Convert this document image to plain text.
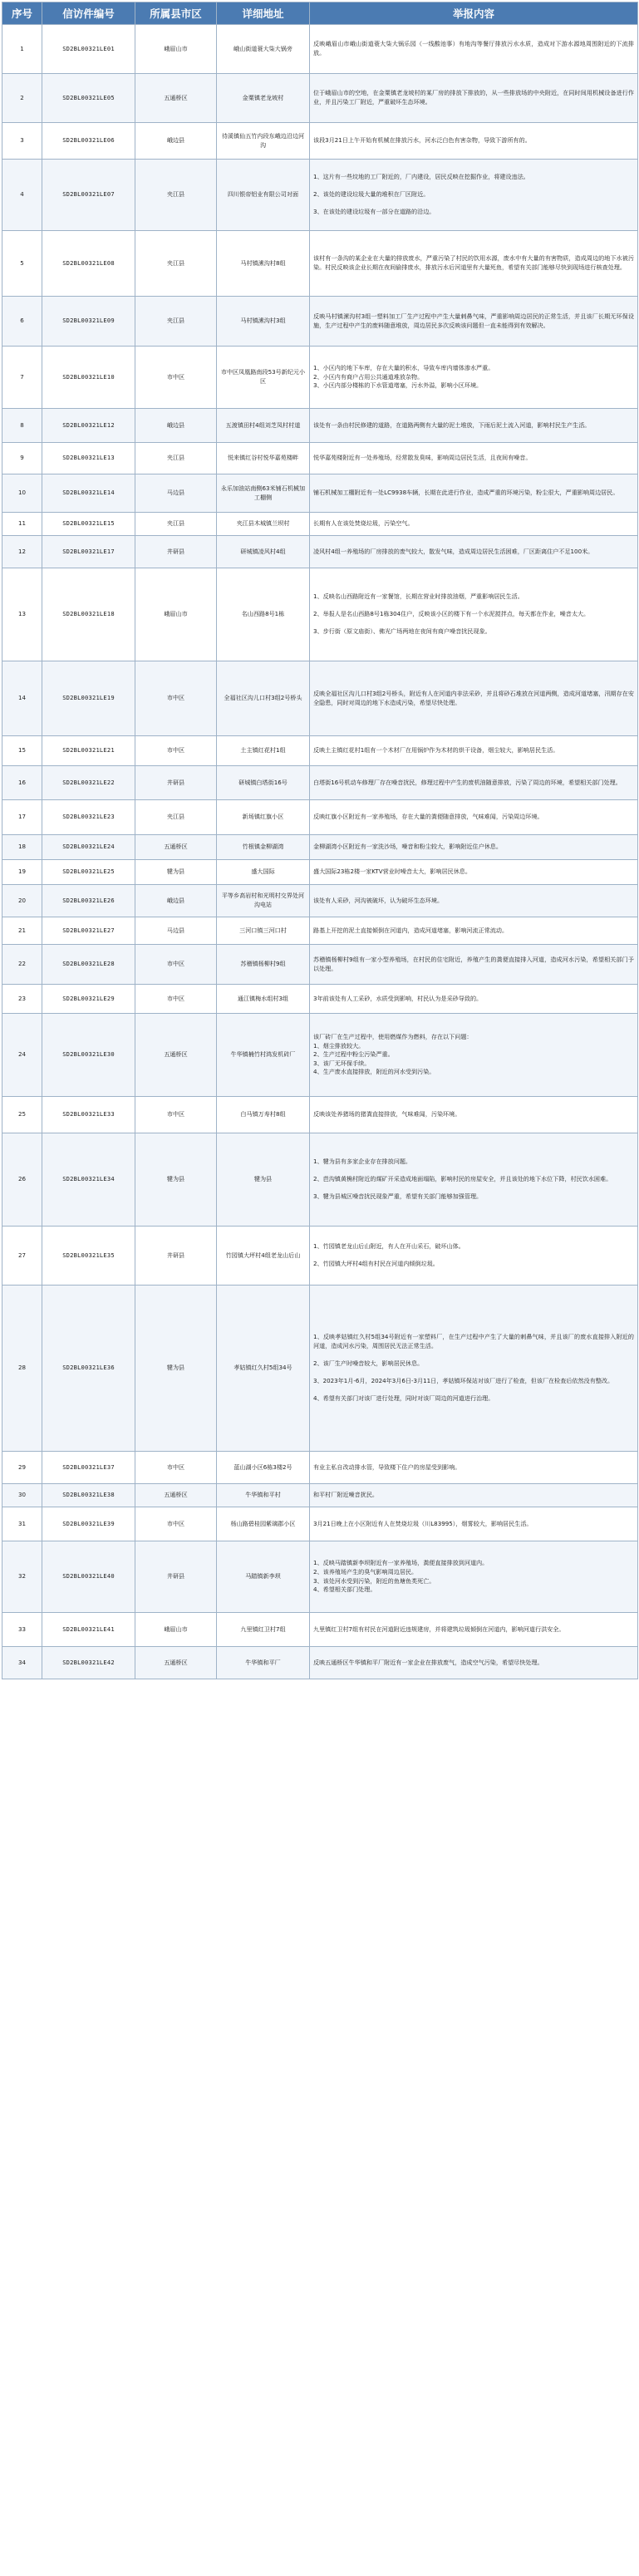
序号	信访件编号	所属县市区	详细地址	举报内容
1	SD2BL00321LE01	峨眉山市	峨山街道蓑大柒大锅旁	反映峨眉山市峨山街道蓑大柒大锅乐园（一线酸池事）有地沟等餐厅排放污水水质，造成对下游水源地周围附近的下流排放。
2	SD2BL00321LE05	五通桥区	金粟镇老龙坡村	位于峨眉山市的空地，在金粟镇老龙坡村的某厂房的排放下排放的，从一些排放场的中央附近，在同时间用机械设备进行作业，并且污染工厂附近，严重破坏生态环境。
3	SD2BL00321LE06	峨边县	待溪镇仙五竹内段东峨边沿边河沟	该段3月21日上午开始有机械在排放污水，河水泛白色有害杂物，导致下游所有的。
4	SD2BL00321LE07	夹江县	四川银帝铝业有限公司对面	1、这片有一些坟地的工厂附近的，厂内建设，居民反映在挖掘作业，将建设违法。

2、该处的建设垃圾大量的堆积在厂区附近。

3、在该处的建设垃圾有一部分在道路的沿边。
5	SD2BL00321LE08	夹江县	马村镇潆沟村8组	该村有一条沟的某企业在大量的排放废水，严重污染了村民的饮用水源，废水中有大量的有害物质，造成周边的地下水被污染。村民反映该企业长期在夜间偷排废水，排放污水后河道里有大量死鱼，希望有关部门能够尽快到现场进行核查处理。
6	SD2BL00321LE09	夹江县	马村镇潆沟村3组	反映马村镇潆沟村3组一塑料加工厂生产过程中产生大量刺鼻气味，严重影响周边居民的正常生活，并且该厂长期无环保设施，生产过程中产生的废料随意堆放，周边居民多次反映该问题但一直未能得到有效解决。
7	SD2BL00321LE10	市中区	市中区凤凰路南段53号新纪元小区	1、小区内的地下车库，存在大量的积水，导致车库内墙体渗水严重。
2、小区内有商户占用公共通道堆放杂物。
3、小区内部分楼栋的下水管道堵塞，污水外溢，影响小区环境。
8	SD2BL00321LE12	峨边县	五渡镇田村4组刘芝凤村村道	该处有一条由村民修建的道路，在道路两侧有大量的泥土堆放，下雨后泥土流入河道，影响村民生产生活。
9	SD2BL00321LE13	夹江县	悦来镇红谷村悦华嘉苑楼畔	悦华嘉苑楼附近有一处养殖场，经常散发臭味，影响周边居民生活，且夜间有噪音。
10	SD2BL00321LE14	马边县	永乐加油站南侧63米铺石机械加工棚侧	铺石机械加工棚附近有一处LC9938车辆，长期在此进行作业，造成严重的环境污染，粉尘很大，严重影响周边居民。
11	SD2BL00321LE15	夹江县	夹江县木城镇兰坝村	长期有人在该处焚烧垃圾，污染空气。
12	SD2BL00321LE17	井研县	研城镇凌风村4组	凌风村4组一养殖场的厂房排放的废气较大，散发气味，造成周边居民生活困难，厂区距离住户不足100米。
13	SD2BL00321LE18	峨眉山市	名山西路8号1栋	1、反映名山西路附近有一家餐馆，长期在营业时排放油烟，严重影响居民生活。

2、举报人是名山西路8号1栋304住户，反映该小区的楼下有一个水泥搅拌点，每天都在作业，噪音太大。

3、步行街（原文庙街）、佛光广场两地在夜间有商户噪音扰民现象。
14	SD2BL00321LE19	市中区	全福社区沟儿口村3组2号桥头	反映全福社区沟儿口村3组2号桥头，附近有人在河道内非法采砂，并且将砂石堆放在河道两侧，造成河道堵塞，汛期存在安全隐患，同时对周边的地下水造成污染，希望尽快处理。
15	SD2BL00321LE21	市中区	土主镇红花村1组	反映土主镇红花村1组有一个木材厂在用锅炉作为木材的烘干设备，烟尘较大，影响居民生活。
16	SD2BL00321LE22	井研县	研城镇白塔街16号	白塔街16号机动车修理厂存在噪音扰民，修理过程中产生的废机油随意排放，污染了周边的环境，希望相关部门处理。
17	SD2BL00321LE23	夹江县	新场镇红旗小区	反映红旗小区附近有一家养殖场，存在大量的粪便随意排放，气味难闻，污染周边环境。
18	SD2BL00321LE24	五通桥区	竹根镇金柳湖湾	金柳湖湾小区附近有一家洗沙场，噪音和粉尘较大，影响附近住户休息。
19	SD2BL00321LE25	犍为县	盛大国际	盛大国际23栋2楼一家KTV营业时噪音太大，影响居民休息。
20	SD2BL00321LE26	峨边县	平等乡高岩村和光明村交界处河沟电站	该处有人采砂，河沟被破坏，认为破坏生态环境。
21	SD2BL00321LE27	马边县	三河口镇三河口村	路基上开挖的泥土直接倾倒在河道内，造成河道堵塞，影响河流正常流动。
22	SD2BL00321LE28	市中区	苏稽镇杨柳村9组	苏稽镇杨柳村9组有一家小型养殖场，在村民的住宅附近，养殖产生的粪便直接排入河道，造成河水污染，希望相关部门予以处理。
23	SD2BL00321LE29	市中区	通江镇梅水组村3组	3年前该处有人工采砂，水质受到影响，村民认为是采砂导致的。
24	SD2BL00321LE30	五通桥区	牛华镇楠竹村鸿发机砖厂	该厂砖厂在生产过程中，使用燃煤作为燃料，存在以下问题：
1、烟尘排放较大。
2、生产过程中粉尘污染严重。
3、该厂无环保手续。
4、生产废水直接排放，附近的河水受到污染。
25	SD2BL00321LE33	市中区	白马镇万寿村8组	反映该处养猪场的猪粪直接排放，气味难闻，污染环境。
26	SD2BL00321LE34	犍为县	犍为县	1、犍为县有多家企业存在排放问题。

2、芭沟镇黄桷村附近的煤矿开采造成地面塌陷，影响村民的房屋安全，并且该处的地下水位下降，村民饮水困难。

3、犍为县城区噪音扰民现象严重，希望有关部门能够加强管理。
27	SD2BL00321LE35	井研县	竹园镇大坪村4组老龙山后山	1、竹园镇老龙山后山附近，有人在开山采石，破坏山体。

2、竹园镇大坪村4组有村民在河道内倾倒垃圾。
28	SD2BL00321LE36	犍为县	孝姑镇红久村5组34号	1、反映孝姑镇红久村5组34号附近有一家塑料厂，在生产过程中产生了大量的刺鼻气味，并且该厂的废水直接排入附近的河道，造成河水污染，周围居民无法正常生活。

2、该厂生产时噪音较大，影响居民休息。

3、2023年1月-6月，2024年3月6日-3月11日，孝姑镇环保站对该厂进行了检查，但该厂在检查后依然没有整改。

4、希望有关部门对该厂进行处理，同时对该厂周边的河道进行治理。
29	SD2BL00321LE37	市中区	蓝山湖小区6栋3楼2号	有业主私自改动排水管，导致楼下住户的房屋受到影响。
30	SD2BL00321LE38	五通桥区	牛华镇和平村	和平村厂附近噪音扰民。
31	SD2BL00321LE39	市中区	杨山路碧桂园紫璃郡小区	3月21日晚上在小区附近有人在焚烧垃圾（川L83995），烟雾较大，影响居民生活。
32	SD2BL00321LE40	井研县	马踏镇新李坝	1、反映马踏镇新李坝附近有一家养殖场，粪便直接排放到河道内。
2、该养殖场产生的臭气影响周边居民。
3、该处河水受到污染，附近的鱼塘鱼类死亡。
4、希望相关部门处理。
33	SD2BL00321LE41	峨眉山市	九里镇红卫村7组	九里镇红卫村7组有村民在河道附近违规建房，并将建筑垃圾倾倒在河道内，影响河道行洪安全。
34	SD2BL00321LE42	五通桥区	牛华镇和平厂	反映五通桥区牛华镇和平厂附近有一家企业在排放废气，造成空气污染，希望尽快处理。
